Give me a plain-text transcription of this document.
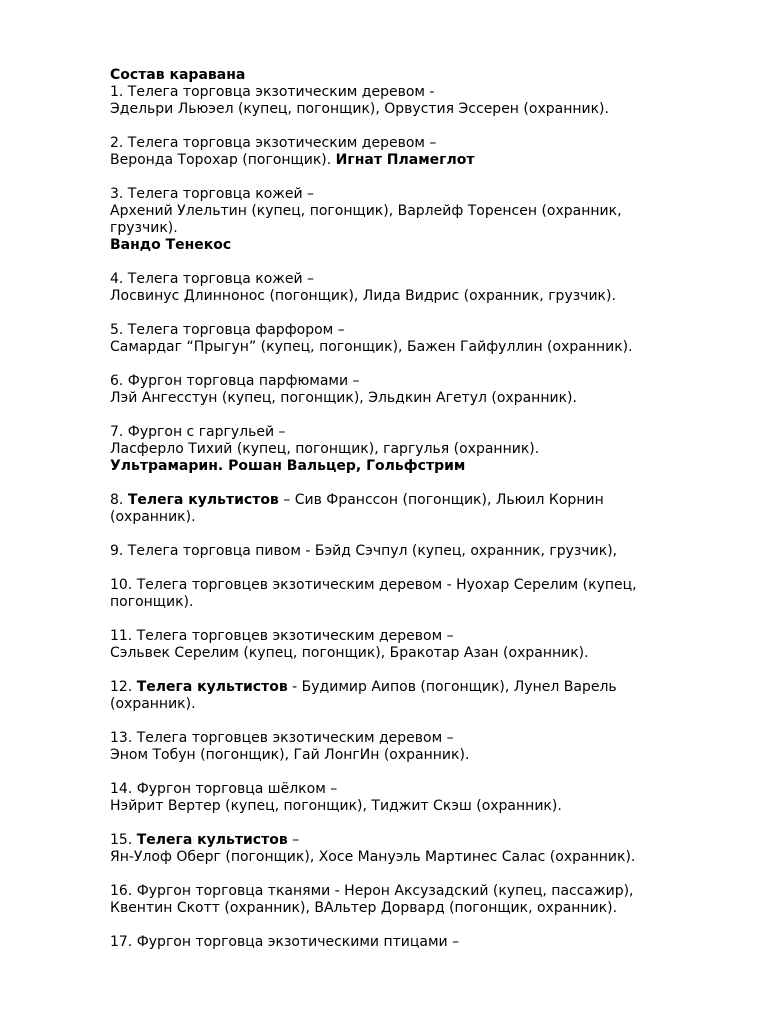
Состав каравана

1. Телега торговца экзотическим деревом -

Эдельри Льюэел (купец, погонщик), Орвустия Эссерен (охранник).

2. Телега торговца экзотическим деревом –

Веронда Торохар (погонщик). Игнат Пламеглот

3. Телега торговца кожей –

Архений Улельтин (купец, погонщик), Варлейф Торенсен (охранник,

грузчик).

Вандо Тенекос

4. Телега торговца кожей –

Лосвинус Длиннонос (погонщик), Лида Видрис (охранник, грузчик).

5. Телега торговца фарфором –

Самардаг “Прыгун” (купец, погонщик), Бажен Гайфуллин (охранник).

6. Фургон торговца парфюмами –

Лэй Ангесстун (купец, погонщик), Эльдкин Агетул (охранник).

7. Фургон с гаргульей –

Ласферло Тихий (купец, погонщик), гаргулья (охранник).

Ультрамарин. Рошан Вальцер, Гольфстрим

8. Телега культистов – Сив Франссон (погонщик), Льюил Корнин

(охранник).

9. Телега торговца пивом - Бэйд Сэчпул (купец, охранник, грузчик),

10. Телега торговцев экзотическим деревом - Нуохар Серелим (купец,

погонщик).

11. Телега торговцев экзотическим деревом –

Сэльвек Серелим (купец, погонщик), Бракотар Азан (охранник).

12. Телега культистов - Будимир Аипов (погонщик), Лунел Варель

(охранник).

13. Телега торговцев экзотическим деревом –

Эном Тобун (погонщик), Гай ЛонгИн (охранник).

14. Фургон торговца шёлком –

Нэйрит Вертер (купец, погонщик), Тиджит Скэш (охранник).

15. Телега культистов –

Ян-Улоф Оберг (погонщик), Хосе Мануэль Мартинес Салас (охранник).

16. Фургон торговца тканями - Нерон Аксузадский (купец, пассажир),

Квентин Скотт (охранник), ВАльтер Дорвард (погонщик, охранник).

17. Фургон торговца экзотическими птицами –
